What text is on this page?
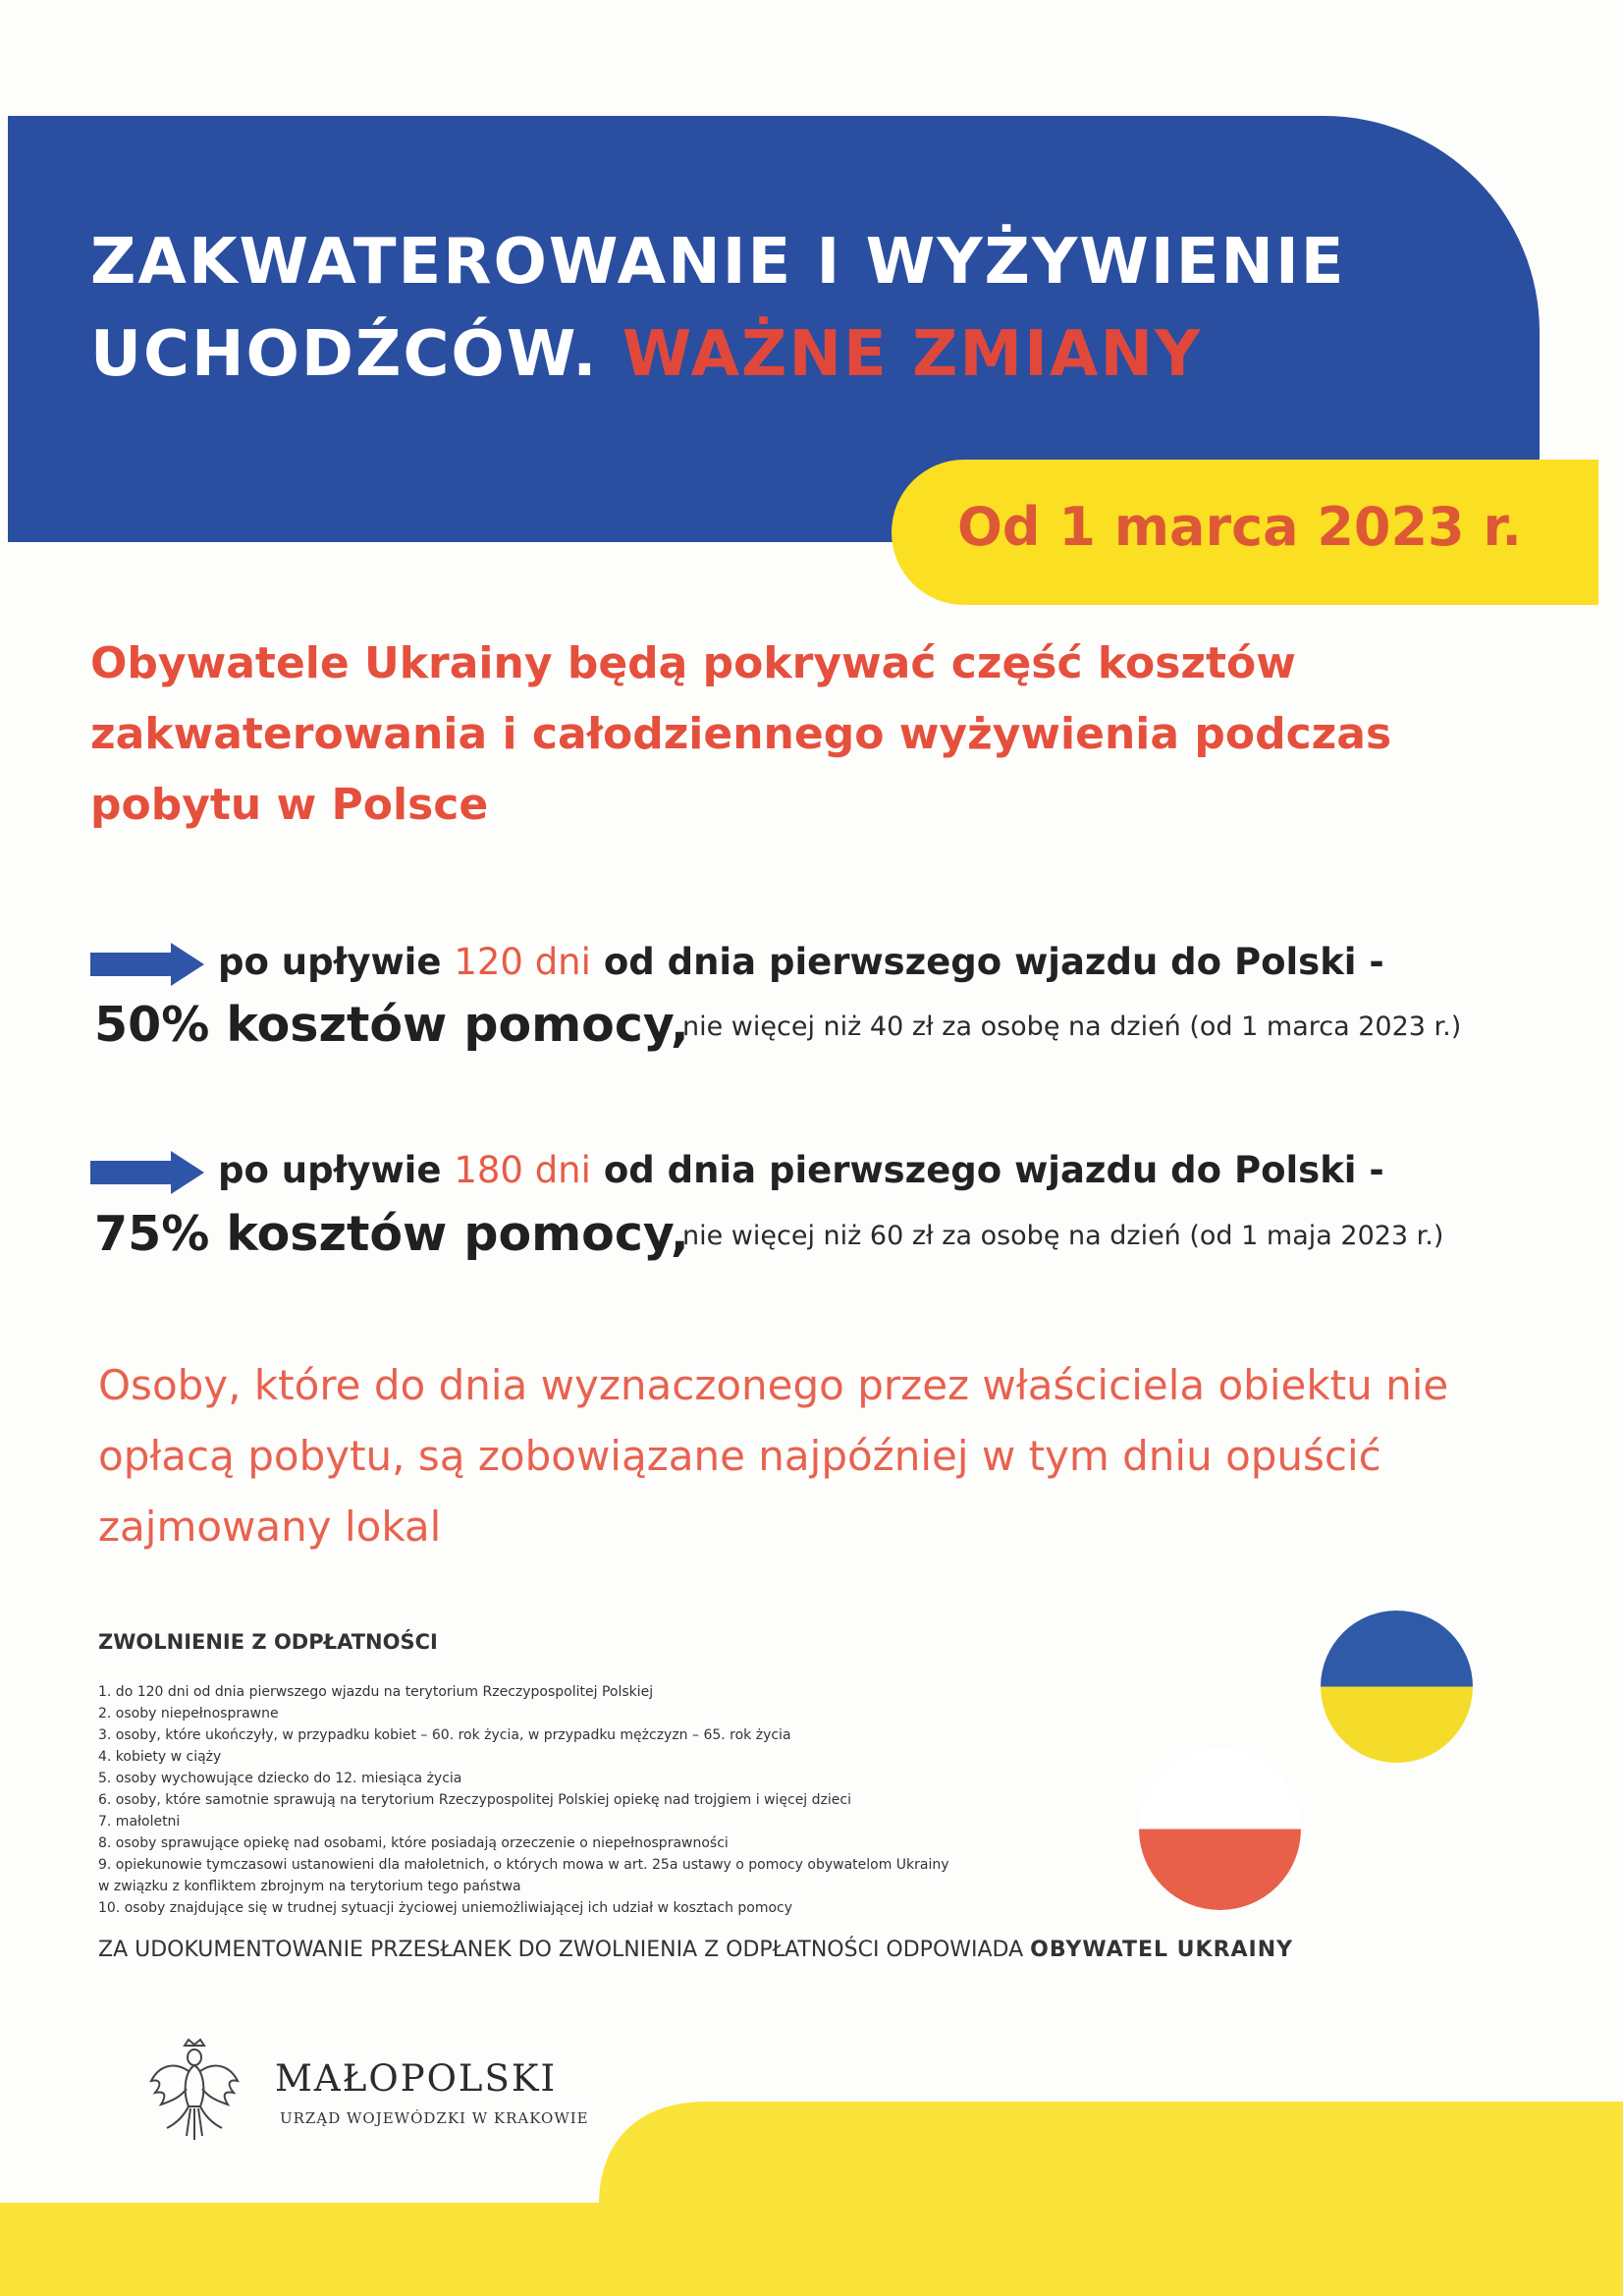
ZAKWATEROWANIE I WYŻYWIENIE
UCHODŹCÓW. WAŻNE ZMIANY
Od 1 marca 2023 r.

Obywatele Ukrainy będą pokrywać część kosztów zakwaterowania i całodziennego wyżywienia podczas pobytu w Polsce

po upływie 120 dni od dnia pierwszego wjazdu do Polski -
50% kosztów pomocy,
nie więcej niż 40 zł za osobę na dzień (od 1 marca 2023 r.)
po upływie 180 dni od dnia pierwszego wjazdu do Polski -
75% kosztów pomocy,
nie więcej niż 60 zł za osobę na dzień (od 1 maja 2023 r.)

Osoby, które do dnia wyznaczonego przez właściciela obiektu nie opłacą pobytu, są zobowiązane najpóźniej w tym dniu opuścić zajmowany lokal

ZWOLNIENIE Z ODPŁATNOŚCI
1. do 120 dni od dnia pierwszego wjazdu na terytorium Rzeczypospolitej Polskiej
2. osoby niepełnosprawne
3. osoby, które ukończyły, w przypadku kobiet – 60. rok życia, w przypadku mężczyzn – 65. rok życia
4. kobiety w ciąży
5. osoby wychowujące dziecko do 12. miesiąca życia
6. osoby, które samotnie sprawują na terytorium Rzeczypospolitej Polskiej opiekę nad trojgiem i więcej dzieci
7. małoletni
8. osoby sprawujące opiekę nad osobami, które posiadają orzeczenie o niepełnosprawności
9. opiekunowie tymczasowi ustanowieni dla małoletnich, o których mowa w art. 25a ustawy o pomocy obywatelom Ukrainy
w związku z konfliktem zbrojnym na terytorium tego państwa
10. osoby znajdujące się w trudnej sytuacji życiowej uniemożliwiającej ich udział w kosztach pomocy
ZA UDOKUMENTOWANIE PRZESŁANEK DO ZWOLNIENIA Z ODPŁATNOŚCI ODPOWIADA OBYWATEL UKRAINY
MAŁOPOLSKI
URZĄD WOJEWÓDZKI W KRAKOWIE
